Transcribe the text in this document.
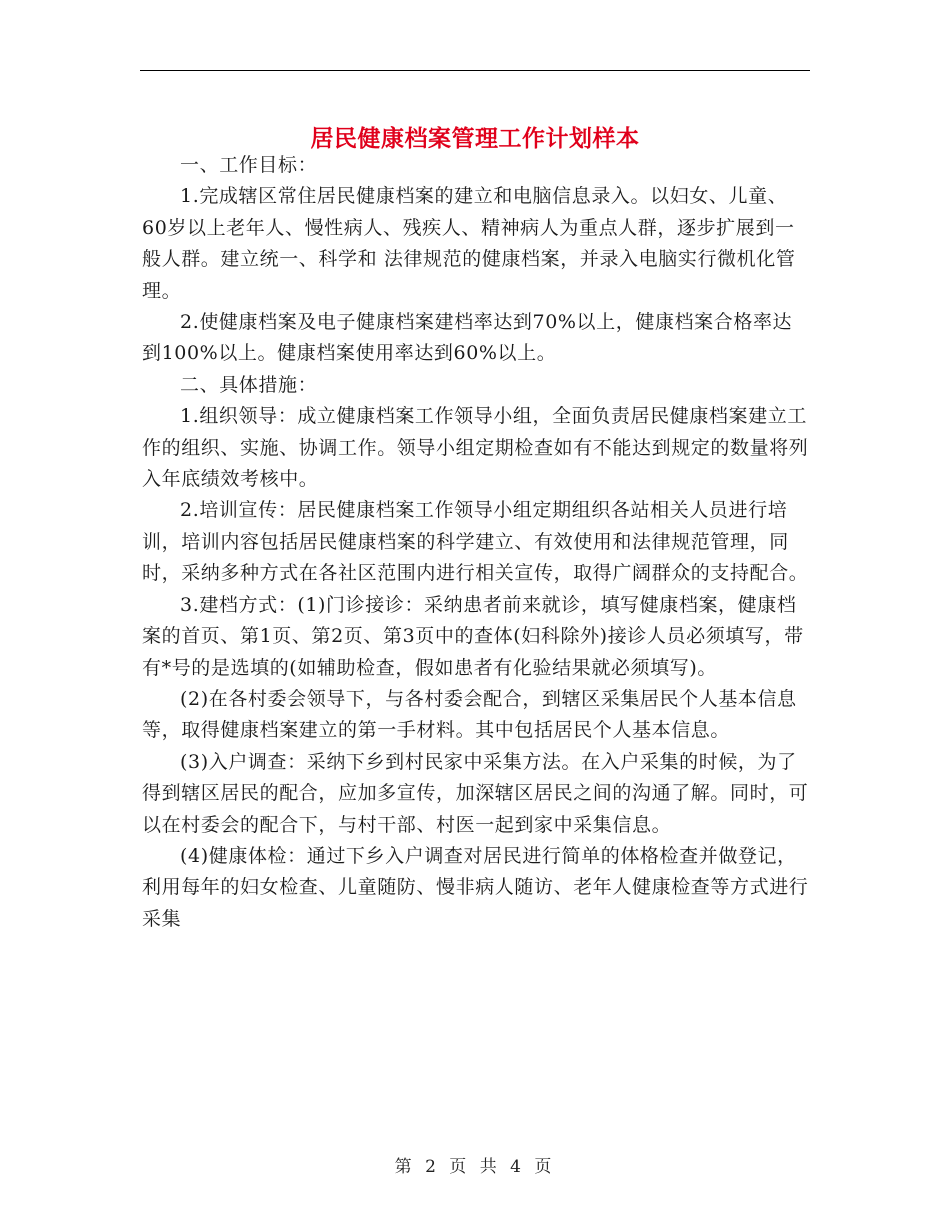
居民健康档案管理工作计划样本

一、工作目标：

1.完成辖区常住居民健康档案的建立和电脑信息录入。以妇女、儿童、60岁以上老年人、慢性病人、残疾人、精神病人为重点人群，逐步扩展到一般人群。建立统一、科学和 法律规范的健康档案，并录入电脑实行微机化管理。

2.使健康档案及电子健康档案建档率达到70%以上，健康档案合格率达到100%以上。健康档案使用率达到60%以上。

二、具体措施：

1.组织领导：成立健康档案工作领导小组，全面负责居民健康档案建立工作的组织、实施、协调工作。领导小组定期检查如有不能达到规定的数量将列入年底绩效考核中。

2.培训宣传：居民健康档案工作领导小组定期组织各站相关人员进行培训，培训内容包括居民健康档案的科学建立、有效使用和法律规范管理，同时，采纳多种方式在各社区范围内进行相关宣传，取得广阔群众的支持配合。

3.建档方式：(1)门诊接诊：采纳患者前来就诊，填写健康档案，健康档案的首页、第1页、第2页、第3页中的查体(妇科除外)接诊人员必须填写，带有*号的是选填的(如辅助检查，假如患者有化验结果就必须填写)。

(2)在各村委会领导下，与各村委会配合，到辖区采集居民个人基本信息等，取得健康档案建立的第一手材料。其中包括居民个人基本信息。

(3)入户调查：采纳下乡到村民家中采集方法。在入户采集的时候，为了得到辖区居民的配合，应加多宣传，加深辖区居民之间的沟通了解。同时，可以在村委会的配合下，与村干部、村医一起到家中采集信息。

(4)健康体检：通过下乡入户调查对居民进行简单的体格检查并做登记，利用每年的妇女检查、儿童随防、慢非病人随访、老年人健康检查等方式进行采集

第 2 页 共 4 页
